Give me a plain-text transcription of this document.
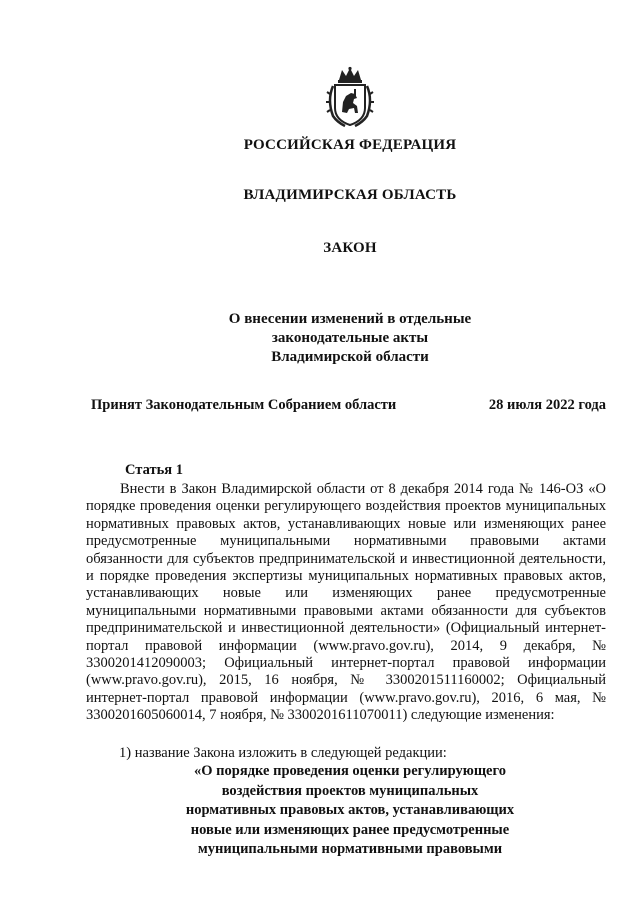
РОССИЙСКАЯ ФЕДЕРАЦИЯ
ВЛАДИМИРСКАЯ ОБЛАСТЬ
ЗАКОН
О внесении изменений в отдельные
законодательные акты
Владимирской области
Принят Законодательным Собранием области	28 июля 2022 года
Статья 1

Внести в Закон Владимирской области от 8 декабря 2014 года № 146-ОЗ «О порядке проведения оценки регулирующего воздействия проектов муниципальных нормативных правовых актов, устанавливающих новые или изменяющих ранее предусмотренные муниципальными нормативными правовыми актами обязанности для субъектов предпринимательской и инвестиционной деятельности, и порядке проведения экспертизы муниципальных нормативных правовых актов, устанавливающих новые или изменяющих ранее предусмотренные муниципальными нормативными правовыми актами обязанности для субъектов предпринимательской и инвестиционной деятельности» (Официальный интернет-портал правовой информации (www.pravo.gov.ru), 2014, 9 декабря, № 3300201412090003; Официальный интернет-портал правовой информации (www.pravo.gov.ru), 2015, 16 ноября, № 3300201511160002; Официальный интернет-портал правовой информации (www.pravo.gov.ru), 2016, 6 мая, № 3300201605060014, 7 ноября, № 3300201611070011) следующие изменения:

1) название Закона изложить в следующей редакции:
«О порядке проведения оценки регулирующего
воздействия проектов муниципальных
нормативных правовых актов, устанавливающих
новые или изменяющих ранее предусмотренные
муниципальными нормативными правовыми
